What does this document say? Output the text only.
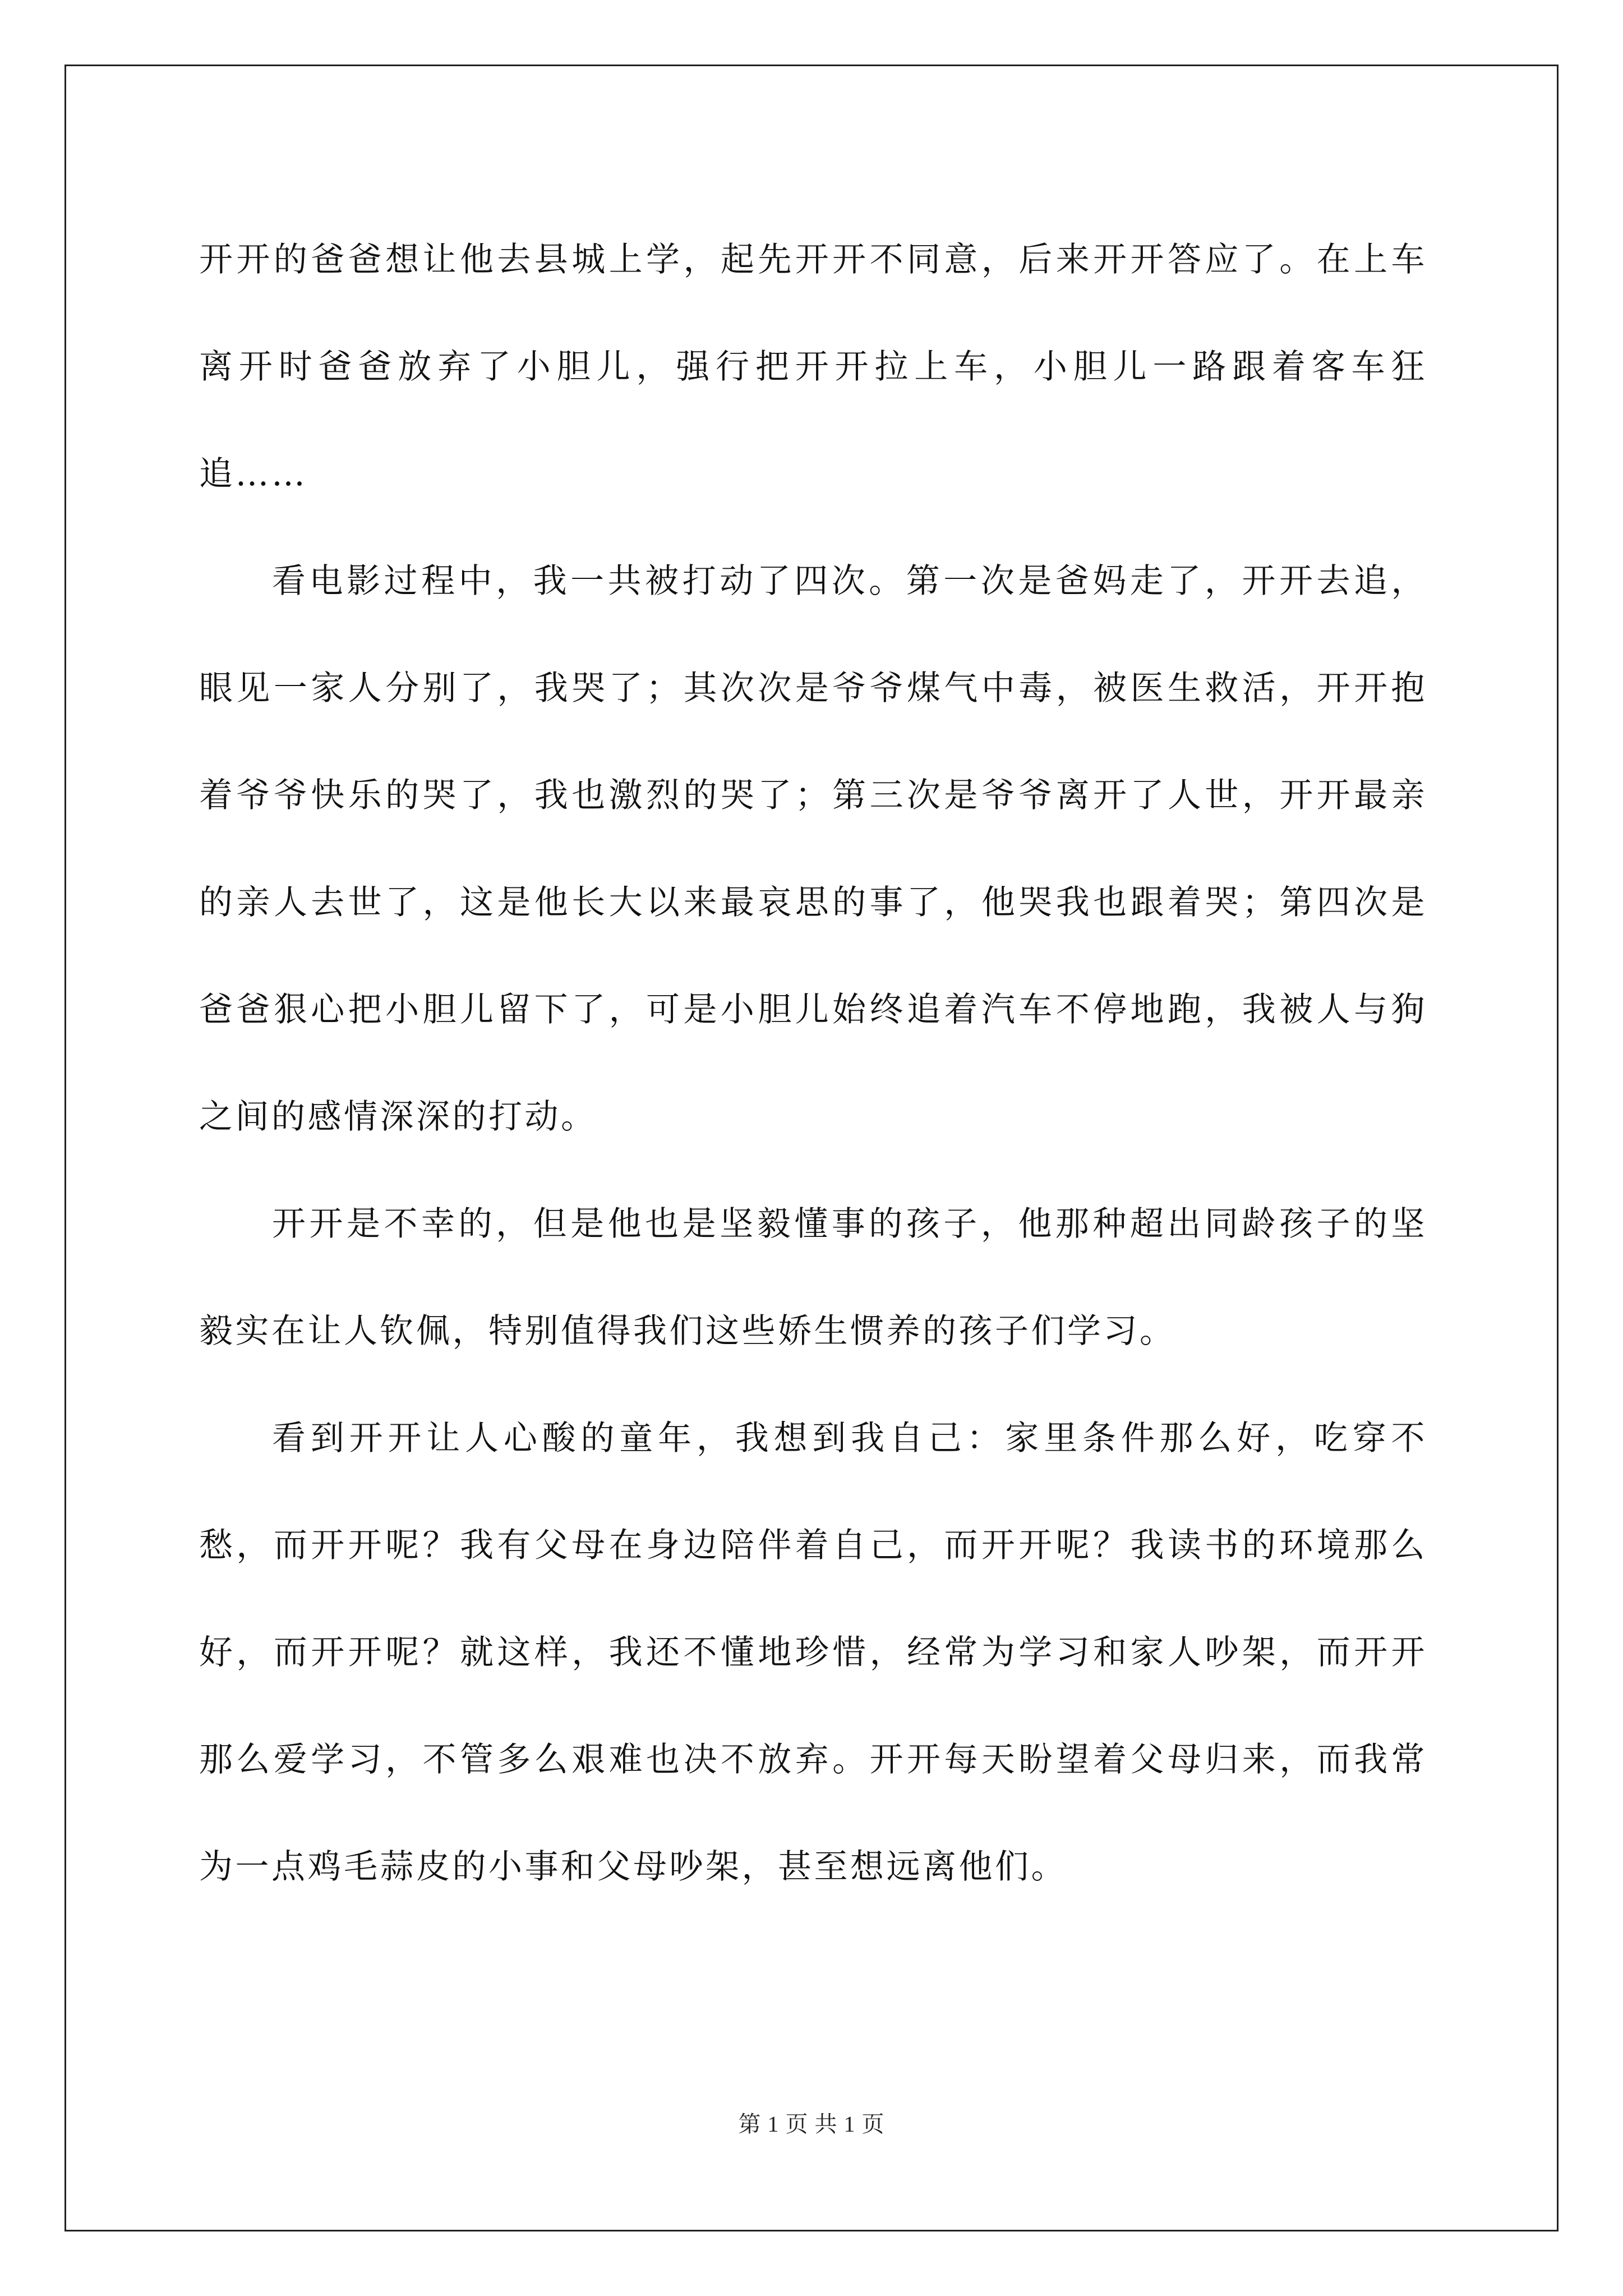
开开的爸爸想让他去县城上学，起先开开不同意，后来开开答应了。在上车离开时爸爸放弃了小胆儿，强行把开开拉上车，小胆儿一路跟着客车狂追……

看电影过程中，我一共被打动了四次。第一次是爸妈走了，开开去追，眼见一家人分别了，我哭了；其次次是爷爷煤气中毒，被医生救活，开开抱着爷爷快乐的哭了，我也激烈的哭了；第三次是爷爷离开了人世，开开最亲的亲人去世了，这是他长大以来最哀思的事了，他哭我也跟着哭；第四次是爸爸狠心把小胆儿留下了，可是小胆儿始终追着汽车不停地跑，我被人与狗之间的感情深深的打动。

开开是不幸的，但是他也是坚毅懂事的孩子，他那种超出同龄孩子的坚毅实在让人钦佩，特别值得我们这些娇生惯养的孩子们学习。

看到开开让人心酸的童年，我想到我自己：家里条件那么好，吃穿不愁，而开开呢？我有父母在身边陪伴着自己，而开开呢？我读书的环境那么好，而开开呢？就这样，我还不懂地珍惜，经常为学习和家人吵架，而开开那么爱学习，不管多么艰难也决不放弃。开开每天盼望着父母归来，而我常为一点鸡毛蒜皮的小事和父母吵架，甚至想远离他们。

第 1 页 共 1 页
